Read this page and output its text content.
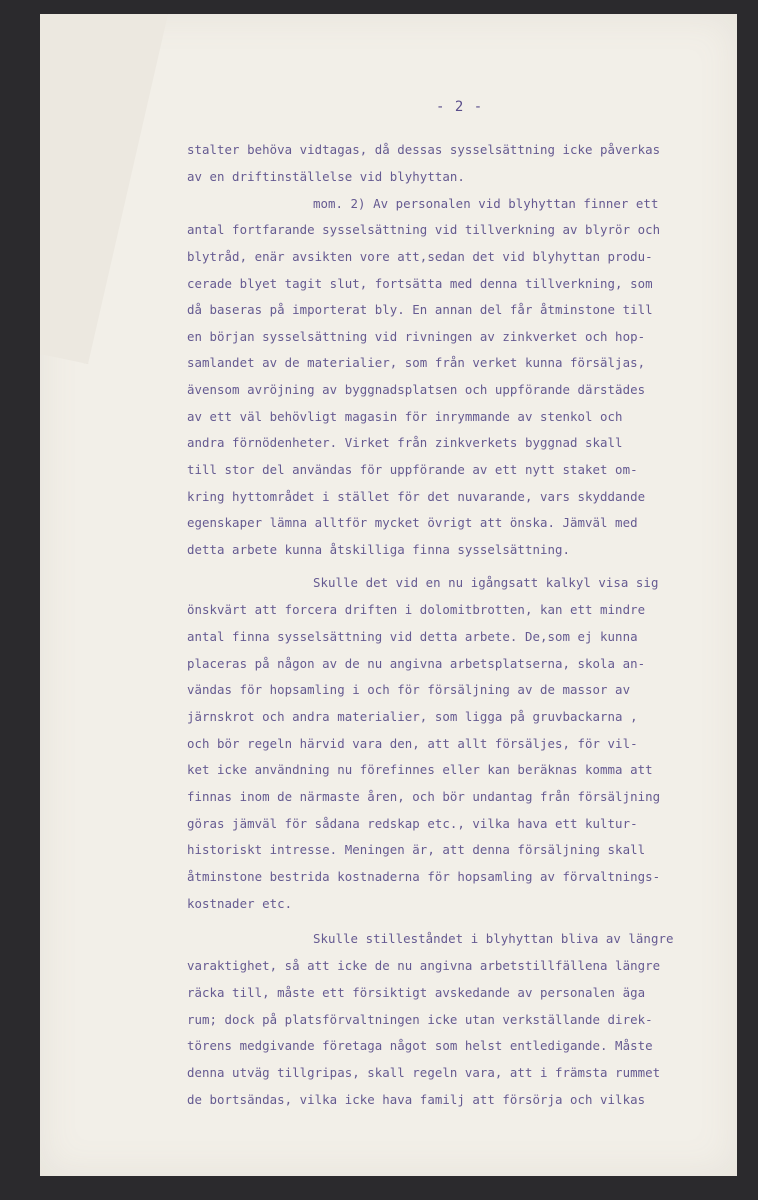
- 2 -
stalter behöva vidtagas, då dessas sysselsättning icke påverkas
av en driftinställelse vid blyhyttan.
mom. 2) Av personalen vid blyhyttan finner ett
antal fortfarande sysselsättning vid tillverkning av blyrör och
blytråd, enär avsikten vore att,sedan det vid blyhyttan produ-
cerade blyet tagit slut, fortsätta med denna tillverkning, som
då baseras på importerat bly. En annan del får åtminstone till
en början sysselsättning vid rivningen av zinkverket och hop-
samlandet av de materialier, som från verket kunna försäljas,
ävensom avröjning av byggnadsplatsen och uppförande därstädes
av ett väl behövligt magasin för inrymmande av stenkol och
andra förnödenheter. Virket från zinkverkets byggnad skall
till stor del användas för uppförande av ett nytt staket om-
kring hyttområdet i stället för det nuvarande, vars skyddande
egenskaper lämna alltför mycket övrigt att önska. Jämväl med
detta arbete kunna åtskilliga finna sysselsättning.
Skulle det vid en nu igångsatt kalkyl visa sig
önskvärt att forcera driften i dolomitbrotten, kan ett mindre
antal finna sysselsättning vid detta arbete. De,som ej kunna
placeras på någon av de nu angivna arbetsplatserna, skola an-
vändas för hopsamling i och för försäljning av de massor av
järnskrot och andra materialier, som ligga på gruvbackarna ,
och bör regeln härvid vara den, att allt försäljes, för vil-
ket icke användning nu förefinnes eller kan beräknas komma att
finnas inom de närmaste åren, och bör undantag från försäljning
göras jämväl för sådana redskap etc., vilka hava ett kultur-
historiskt intresse. Meningen är, att denna försäljning skall
åtminstone bestrida kostnaderna för hopsamling av förvaltnings-
kostnader etc.
Skulle stilleståndet i blyhyttan bliva av längre
varaktighet, så att icke de nu angivna arbetstillfällena längre
räcka till, måste ett försiktigt avskedande av personalen äga
rum; dock på platsförvaltningen icke utan verkställande direk-
törens medgivande företaga något som helst entledigande. Måste
denna utväg tillgripas, skall regeln vara, att i främsta rummet
de bortsändas, vilka icke hava familj att försörja och vilkas
